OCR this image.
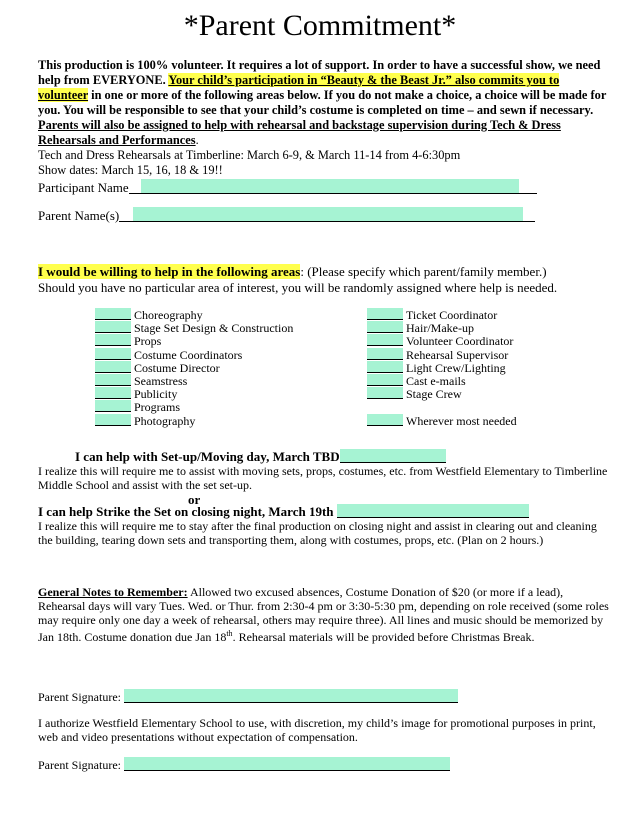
*Parent Commitment*
This production is 100% volunteer. It requires a lot of support. In order to have a successful show, we need help from EVERYONE. Your child’s participation in “Beauty & the Beast Jr.” also commits you to volunteer in one or more of the following areas below. If you do not make a choice, a choice will be made for you. You will be responsible to see that your child’s costume is completed on time – and sewn if necessary. Parents will also be assigned to help with rehearsal and backstage supervision during Tech & Dress Rehearsals and Performances.
Tech and Dress Rehearsals at Timberline: March 6-9, & March 11-14 from 4-6:30pm
Show dates: March 15, 16, 18 & 19!!
Participant Name
Parent Name(s)
I would be willing to help in the following areas: (Please specify which parent/family member.)
Should you have no particular area of interest, you will be randomly assigned where help is needed.
Choreography
Stage Set Design & Construction
Props
Costume Coordinators
Costume Director
Seamstress
Publicity
Programs
Photography
Ticket Coordinator
Hair/Make-up
Volunteer Coordinator
Rehearsal Supervisor
Light Crew/Lighting
Cast e-mails
Stage Crew
Wherever most needed
I can help with Set-up/Moving day, March TBD
I realize this will require me to assist with moving sets, props, costumes, etc. from Westfield Elementary to Timberline Middle School and assist with the set set-up.
or
I can help Strike the Set on closing night, March 19th
I realize this will require me to stay after the final production on closing night and assist in clearing out and cleaning the building, tearing down sets and transporting them, along with costumes, props, etc. (Plan on 2 hours.)
General Notes to Remember: Allowed two excused absences, Costume Donation of $20 (or more if a lead), Rehearsal days will vary Tues. Wed. or Thur. from 2:30-4 pm or 3:30-5:30 pm, depending on role received (some roles may require only one day a week of rehearsal, others may require three). All lines and music should be memorized by Jan 18th. Costume donation due Jan 18th. Rehearsal materials will be provided before Christmas Break.
Parent Signature:
I authorize Westfield Elementary School to use, with discretion, my child’s image for promotional purposes in print, web and video presentations without expectation of compensation.
Parent Signature:
